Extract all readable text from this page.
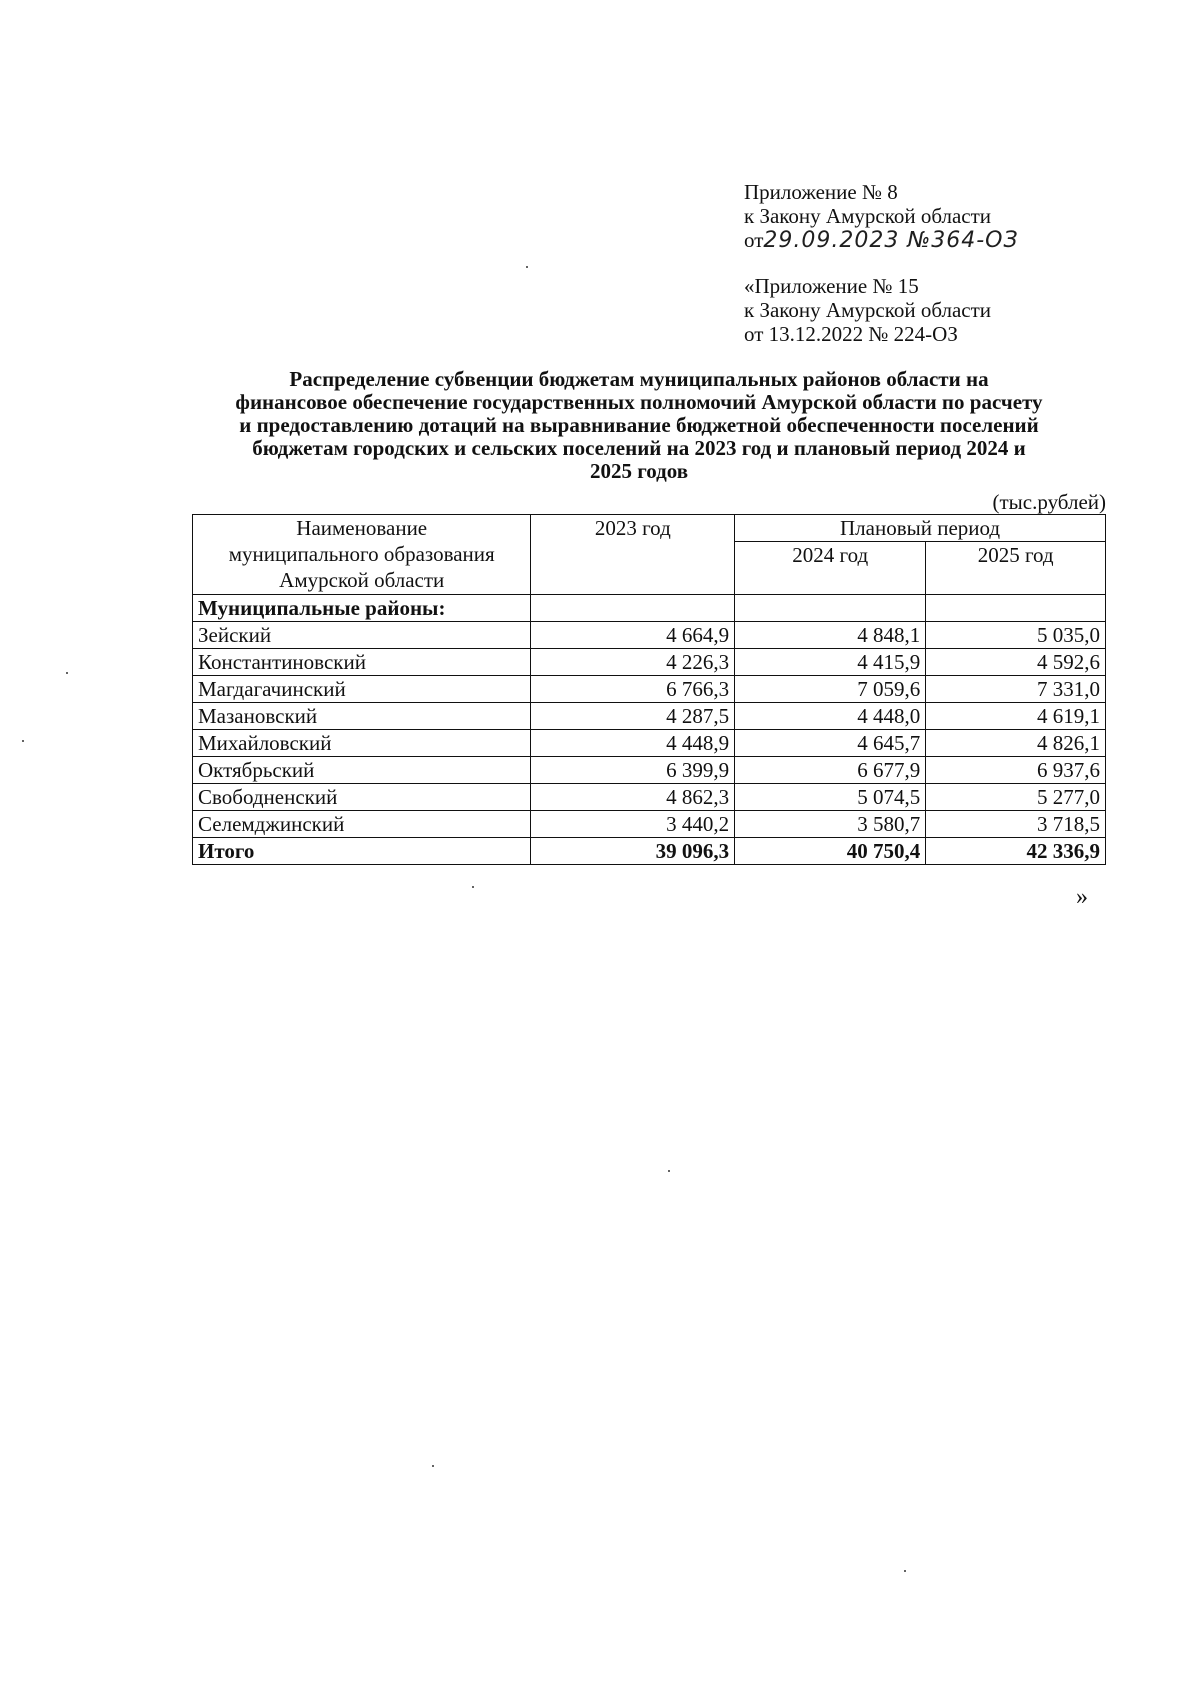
Приложение № 8
к Закону Амурской области
от29.09.2023 №364-ОЗ
«Приложение № 15
к Закону Амурской области
от 13.12.2022 № 224-ОЗ
Распределение субвенции бюджетам муниципальных районов области на
финансовое обеспечение государственных полномочий Амурской области по расчету
и предоставлению дотаций на выравнивание бюджетной обеспеченности поселений
бюджетам городских и сельских поселений на 2023 год и плановый период 2024 и
2025 годов
(тыс.рублей)
Наименование
муниципального образования
Амурской области	2023 год	Плановый период	
		2024 год	2025 год
Муниципальные районы:			
Зейский	4 664,9	4 848,1	5 035,0
Константиновский	4 226,3	4 415,9	4 592,6
Магдагачинский	6 766,3	7 059,6	7 331,0
Мазановский	4 287,5	4 448,0	4 619,1
Михайловский	4 448,9	4 645,7	4 826,1
Октябрьский	6 399,9	6 677,9	6 937,6
Свободненский	4 862,3	5 074,5	5 277,0
Селемджинский	3 440,2	3 580,7	3 718,5
Итого	39 096,3	40 750,4	42 336,9
»
